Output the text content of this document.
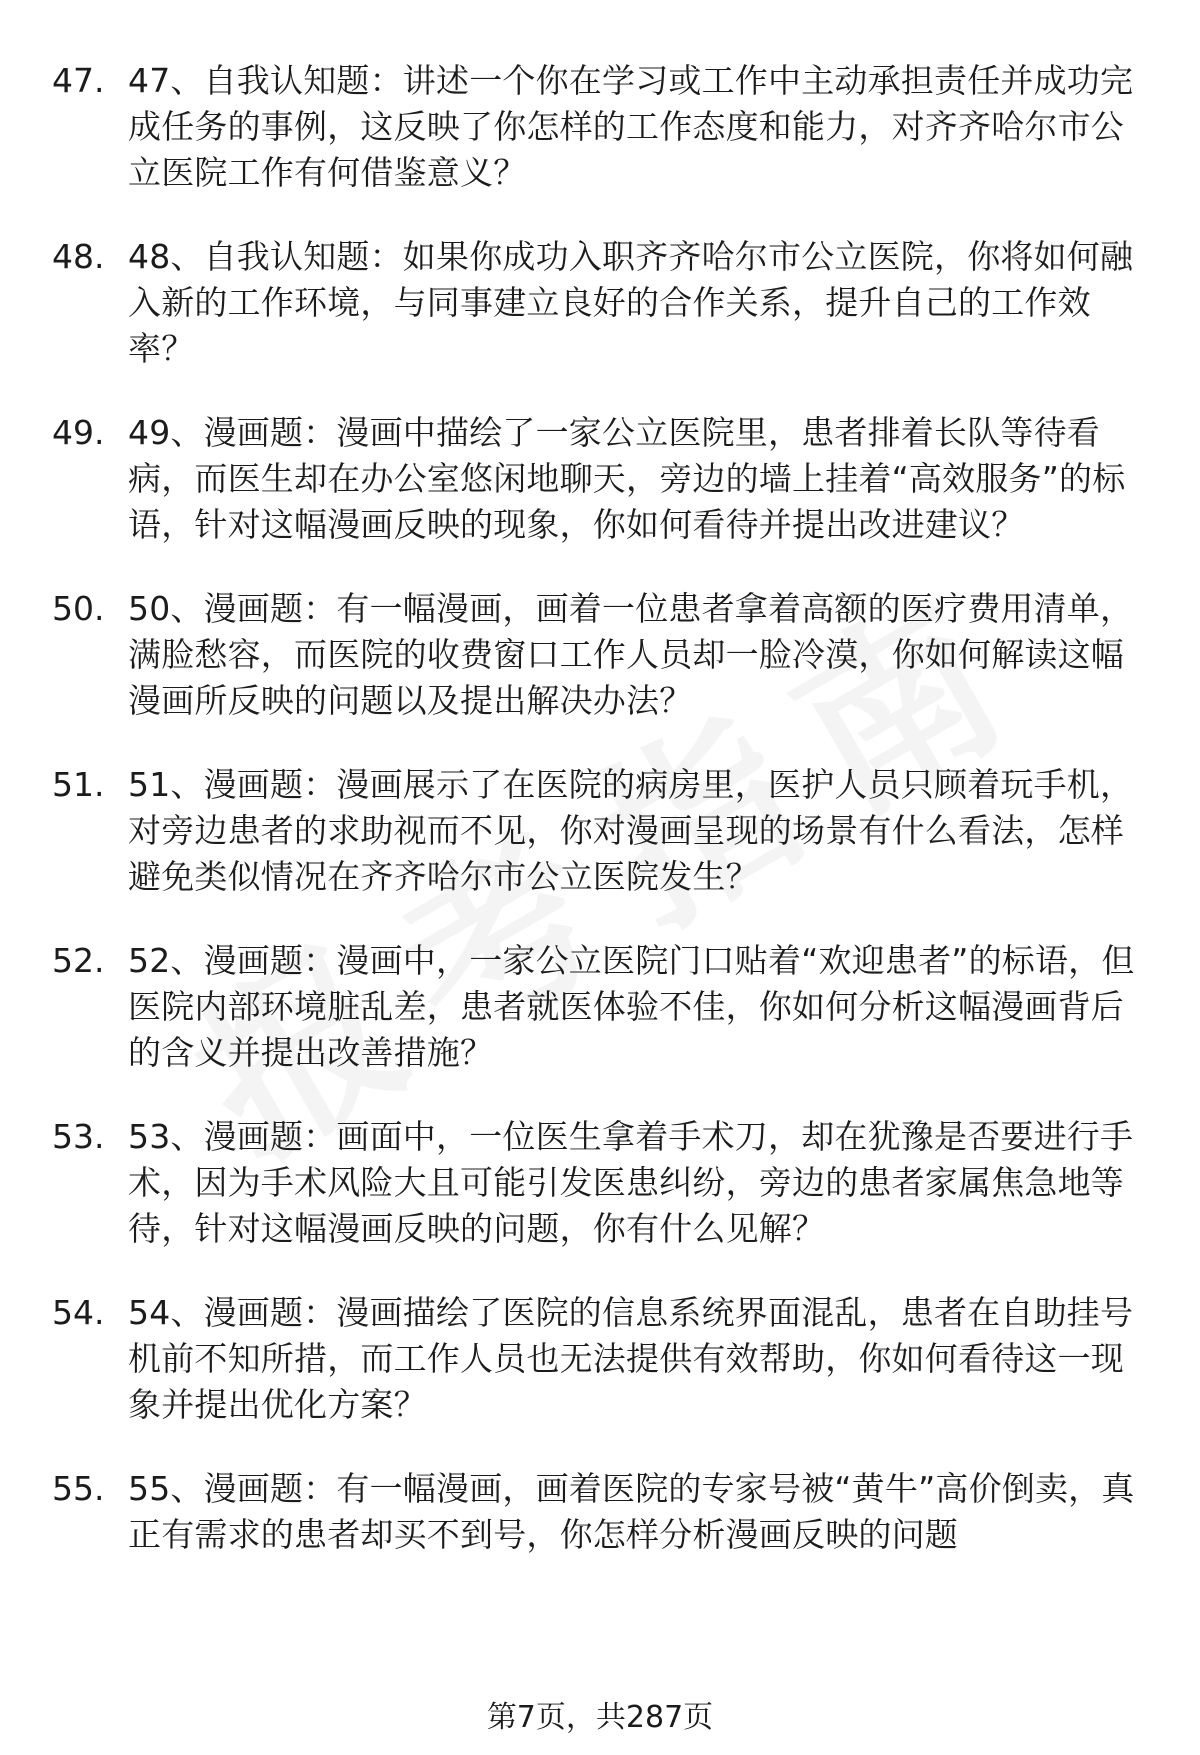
47. 47、自我认知题：讲述一个你在学习或工作中主动承担责任并成功完成任务的事例，这反映了你怎样的工作态度和能力，对齐齐哈尔市公立医院工作有何借鉴意义？
48. 48、自我认知题：如果你成功入职齐齐哈尔市公立医院，你将如何融入新的工作环境，与同事建立良好的合作关系，提升自己的工作效率？
49. 49、漫画题：漫画中描绘了一家公立医院里，患者排着长队等待看病，而医生却在办公室悠闲地聊天，旁边的墙上挂着“高效服务”的标语，针对这幅漫画反映的现象，你如何看待并提出改进建议？
50. 50、漫画题：有一幅漫画，画着一位患者拿着高额的医疗费用清单，满脸愁容，而医院的收费窗口工作人员却一脸冷漠，你如何解读这幅漫画所反映的问题以及提出解决办法？
51. 51、漫画题：漫画展示了在医院的病房里，医护人员只顾着玩手机，对旁边患者的求助视而不见，你对漫画呈现的场景有什么看法，怎样避免类似情况在齐齐哈尔市公立医院发生？
52. 52、漫画题：漫画中，一家公立医院门口贴着“欢迎患者”的标语，但医院内部环境脏乱差，患者就医体验不佳，你如何分析这幅漫画背后的含义并提出改善措施？
53. 53、漫画题：画面中，一位医生拿着手术刀，却在犹豫是否要进行手术，因为手术风险大且可能引发医患纠纷，旁边的患者家属焦急地等待，针对这幅漫画反映的问题，你有什么见解？
54. 54、漫画题：漫画描绘了医院的信息系统界面混乱，患者在自助挂号机前不知所措，而工作人员也无法提供有效帮助，你如何看待这一现象并提出优化方案？
55. 55、漫画题：有一幅漫画，画着医院的专家号被“黄牛”高价倒卖，真正有需求的患者却买不到号，你怎样分析漫画反映的问题
第7页，共287页
